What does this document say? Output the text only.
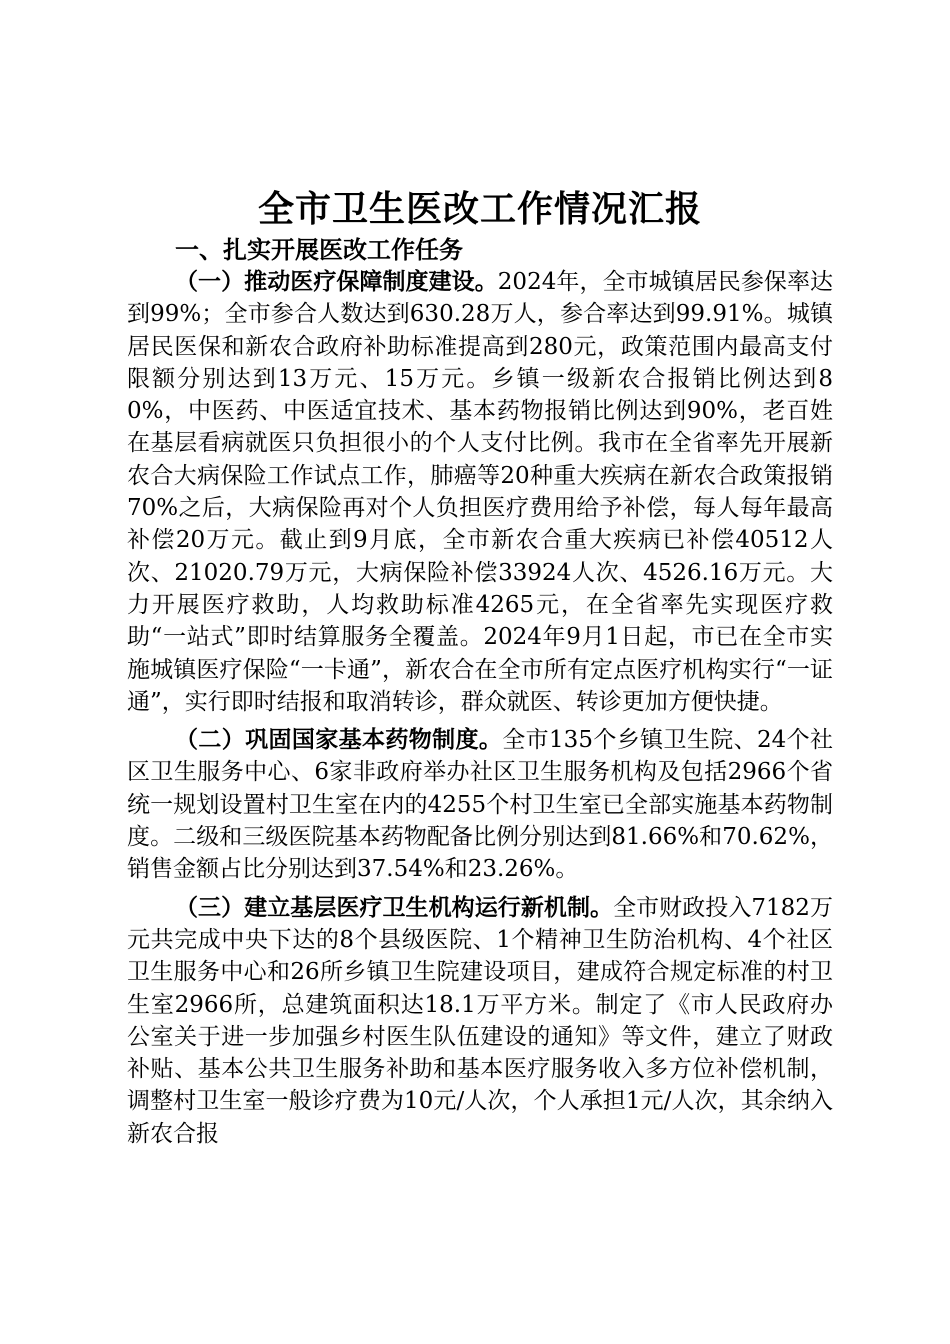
全市卫生医改工作情况汇报
一、扎实开展医改工作任务

（一）推动医疗保障制度建设。2024年，全市城镇居民参保率达到99%；全市参合人数达到630.28万人，参合率达到99.91%。城镇居民医保和新农合政府补助标准提高到280元，政策范围内最高支付限额分别达到13万元、15万元。乡镇一级新农合报销比例达到80%，中医药、中医适宜技术、基本药物报销比例达到90%，老百姓在基层看病就医只负担很小的个人支付比例。我市在全省率先开展新农合大病保险工作试点工作，肺癌等20种重大疾病在新农合政策报销70%之后，大病保险再对个人负担医疗费用给予补偿，每人每年最高补偿20万元。截止到9月底，全市新农合重大疾病已补偿40512人次、21020.79万元，大病保险补偿33924人次、4526.16万元。大力开展医疗救助，人均救助标准4265元，在全省率先实现医疗救助“一站式”即时结算服务全覆盖。2024年9月1日起，市已在全市实施城镇医疗保险“一卡通”，新农合在全市所有定点医疗机构实行“一证通”，实行即时结报和取消转诊，群众就医、转诊更加方便快捷。

（二）巩固国家基本药物制度。全市135个乡镇卫生院、24个社区卫生服务中心、6家非政府举办社区卫生服务机构及包括2966个省统一规划设置村卫生室在内的4255个村卫生室已全部实施基本药物制度。二级和三级医院基本药物配备比例分别达到81.66%和70.62%，销售金额占比分别达到37.54%和23.26%。

（三）建立基层医疗卫生机构运行新机制。全市财政投入7182万元共完成中央下达的8个县级医院、1个精神卫生防治机构、4个社区卫生服务中心和26所乡镇卫生院建设项目，建成符合规定标准的村卫生室2966所，总建筑面积达18.1万平方米。制定了《市人民政府办公室关于进一步加强乡村医生队伍建设的通知》等文件，建立了财政补贴、基本公共卫生服务补助和基本医疗服务收入多方位补偿机制，调整村卫生室一般诊疗费为10元/人次，个人承担1元/人次，其余纳入新农合报
